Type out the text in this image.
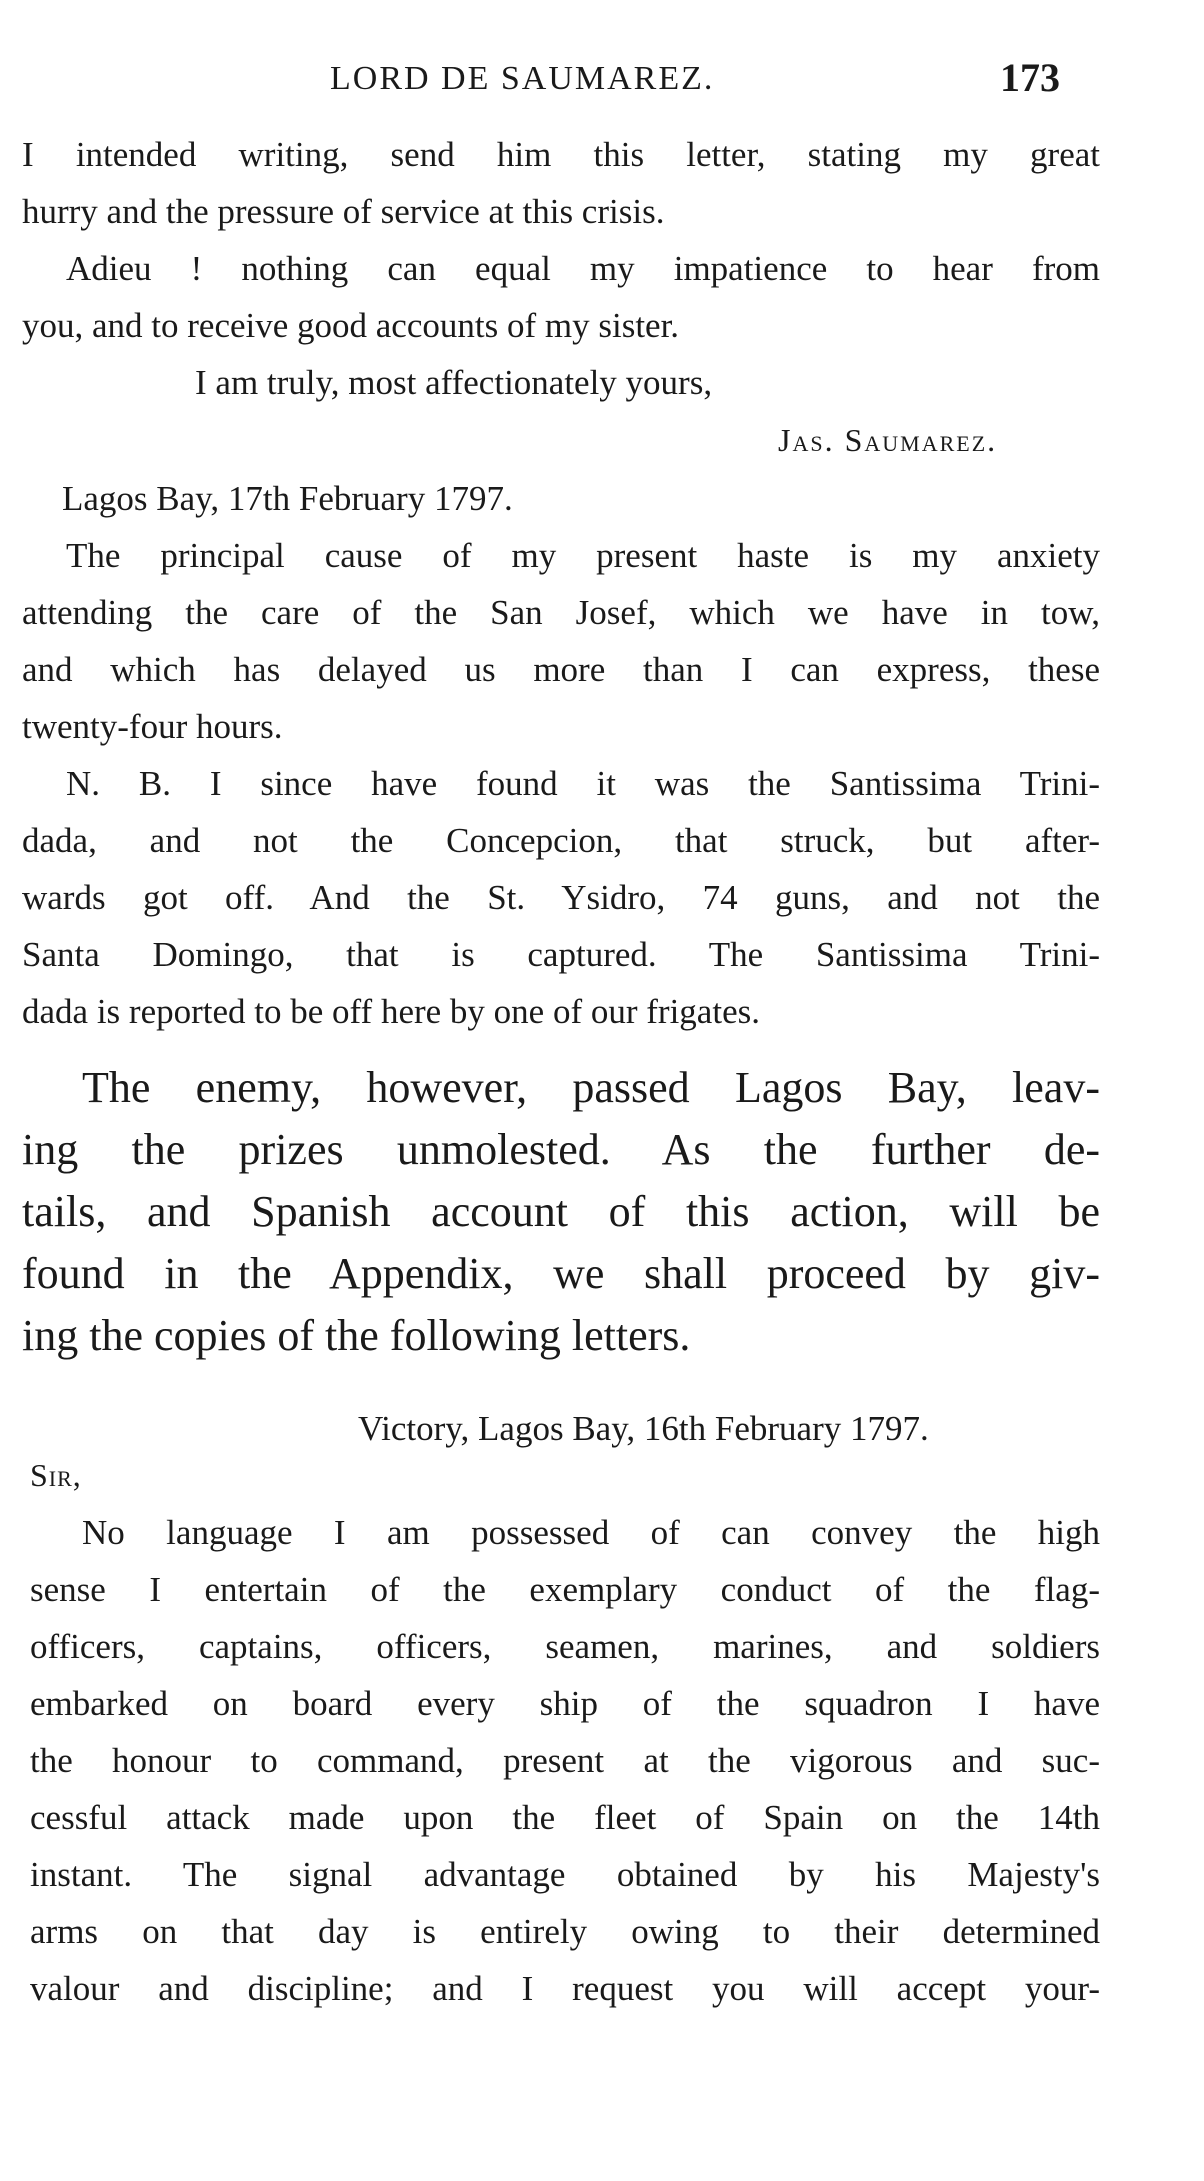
LORD DE SAUMAREZ.	173
I intended writing, send him this letter, stating my great
hurry and the pressure of service at this crisis.
Adieu ! nothing can equal my impatience to hear from
you, and to receive good accounts of my sister.
I am truly, most affectionately yours,
Jas. Saumarez.
Lagos Bay, 17th February 1797.
The principal cause of my present haste is my anxiety
attending the care of the San Josef, which we have in tow,
and which has delayed us more than I can express, these
twenty-four hours.
N. B. I since have found it was the Santissima Trini-
dada, and not the Concepcion, that struck, but after-
wards got off. And the St. Ysidro, 74 guns, and not the
Santa Domingo, that is captured. The Santissima Trini-
dada is reported to be off here by one of our frigates.
The enemy, however, passed Lagos Bay, leav-
ing the prizes unmolested. As the further de-
tails, and Spanish account of this action, will be
found in the Appendix, we shall proceed by giv-
ing the copies of the following letters.
Victory, Lagos Bay, 16th February 1797.
Sir,
No language I am possessed of can convey the high
sense I entertain of the exemplary conduct of the flag-
officers, captains, officers, seamen, marines, and soldiers
embarked on board every ship of the squadron I have
the honour to command, present at the vigorous and suc-
cessful attack made upon the fleet of Spain on the 14th
instant. The signal advantage obtained by his Majesty's
arms on that day is entirely owing to their determined
valour and discipline; and I request you will accept your-
